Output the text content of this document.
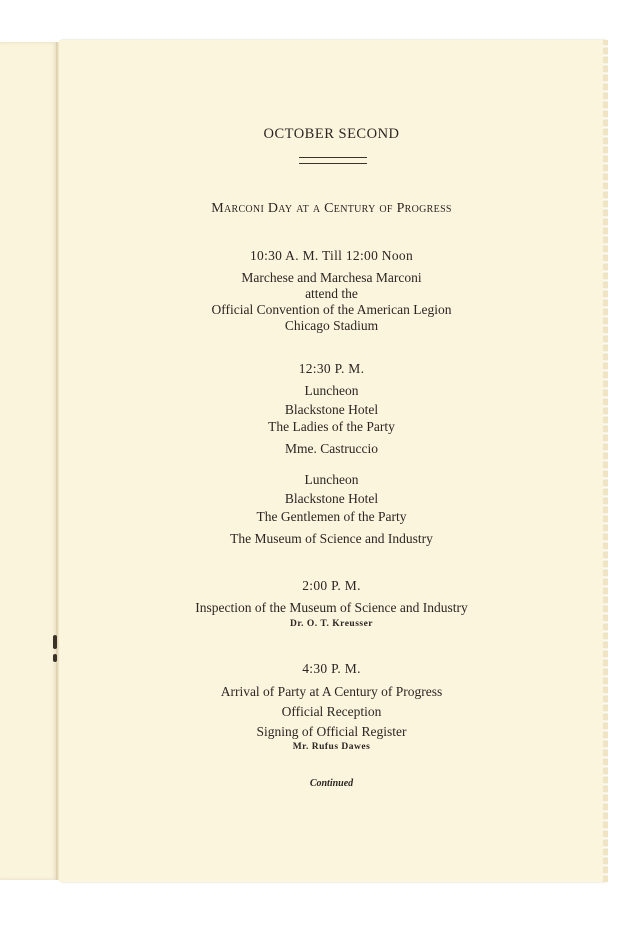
OCTOBER SECOND
Marconi Day at a Century of Progress
10:30 A. M. Till 12:00 Noon
Marchese and Marchesa Marconi
attend the
Official Convention of the American Legion
Chicago Stadium
12:30 P. M.
Luncheon
Blackstone Hotel
The Ladies of the Party
Mme. Castruccio
Luncheon
Blackstone Hotel
The Gentlemen of the Party
The Museum of Science and Industry
2:00 P. M.
Inspection of the Museum of Science and Industry
Dr. O. T. Kreusser
4:30 P. M.
Arrival of Party at A Century of Progress
Official Reception
Signing of Official Register
Mr. Rufus Dawes
Continued
